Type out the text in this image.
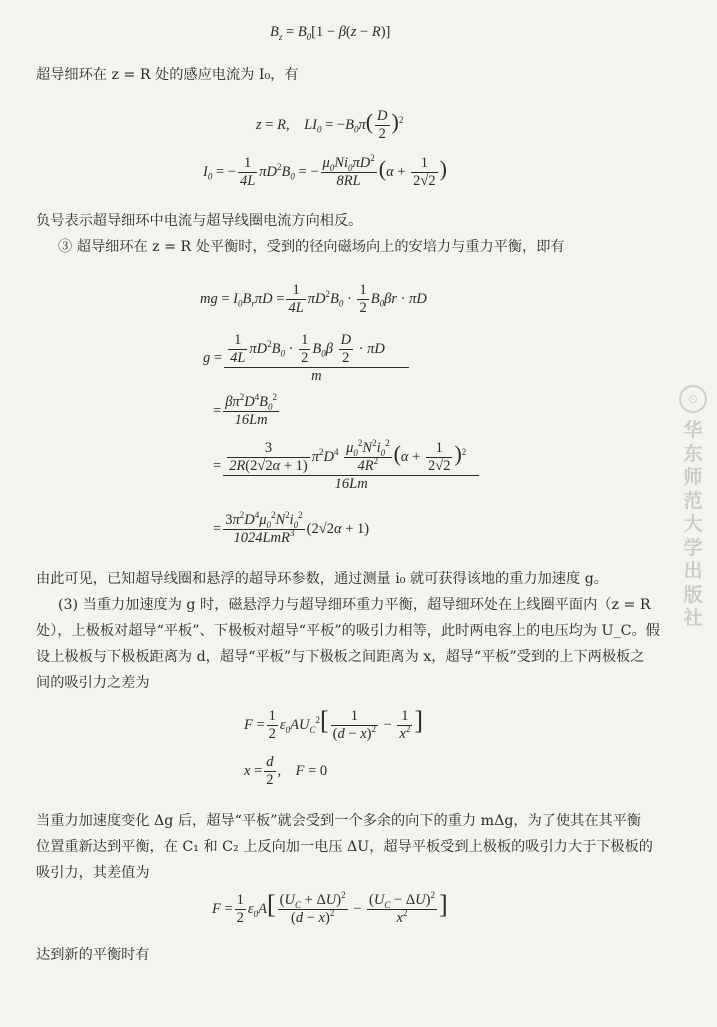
$B_z = B_0[1 - \beta(z - R)]$
超导细环在 z = R 处的感应电流为 I₀，有
z = R,    $LI_0 = -B_0\pi( \frac{D}{2} )^2$
$I_0$ = − $\frac{1}{4L} \pi D^2B_0$ = − $\frac{\mu_0Ni_0\pi D^2}{8RL} (\alpha + \frac{1}{2√2}$ )
负号表示超导细环中电流与超导线圈电流方向相反。
③ 超导细环在 z = R 处平衡时，受到的径向磁场向上的安培力与重力平衡，即有
mg = $I_0B_r\pi D = \frac{1}{4L} \pi D^2B_0 \cdot \frac{1}{2} B_0\beta r \cdot \pi D$
$g = \frac{\frac{1}{4L} \pi D^2B_0 \cdot \frac{1}{2} B_0\beta \frac{D}{2} \cdot \pi D}{m}$
= $\frac{\beta\pi^2D^4B_0^2}{16Lm}$
= $\frac{\frac{3}{2R(2√2\alpha + 1)} \pi^2D^4 \frac{\mu_0^2N^2i_0^2}{4R^2} (\alpha + \frac{1}{2√2} )^2}{16Lm}$
= $\frac{3\pi^2D^4\mu_0^2N^2i_0^2}{1024LmR^3} (2√2\alpha + 1)$
由此可见，已知超导线圈和悬浮的超导环参数，通过测量 i₀ 就可获得该地的重力加速度 g。
(3) 当重力加速度为 g 时，磁悬浮力与超导细环重力平衡，超导细环处在上线圈平面内（z = R
处），上极板对超导“平板”、下极板对超导“平板”的吸引力相等，此时两电容上的电压均为 U_C。假
设上极板与下极板距离为 d，超导“平板”与下极板之间距离为 x，超导“平板”受到的上下两极板之
间的吸引力之差为
$F = \frac{1}{2} \varepsilon_0AU_C^2[ \frac{1}{(d - x)^2} - \frac{1}{x^2}$ ]
$x = \frac{d}{2}$ ,    F = 0
当重力加速度变化 Δg 后，超导“平板”就会受到一个多余的向下的重力 mΔg，为了使其在其平衡
位置重新达到平衡，在 C₁ 和 C₂ 上反向加一电压 ΔU，超导平板受到上极板的吸引力大于下极板的
吸引力，其差值为
$F = \frac{1}{2} \varepsilon_0A[ \frac{(U_C + \Delta U)^2}{(d - x)^2} - \frac{(U_C - \Delta U)^2}{x^2}$ ]
达到新的平衡时有
⊙
华
东
师
范
大
学
出
版
社
